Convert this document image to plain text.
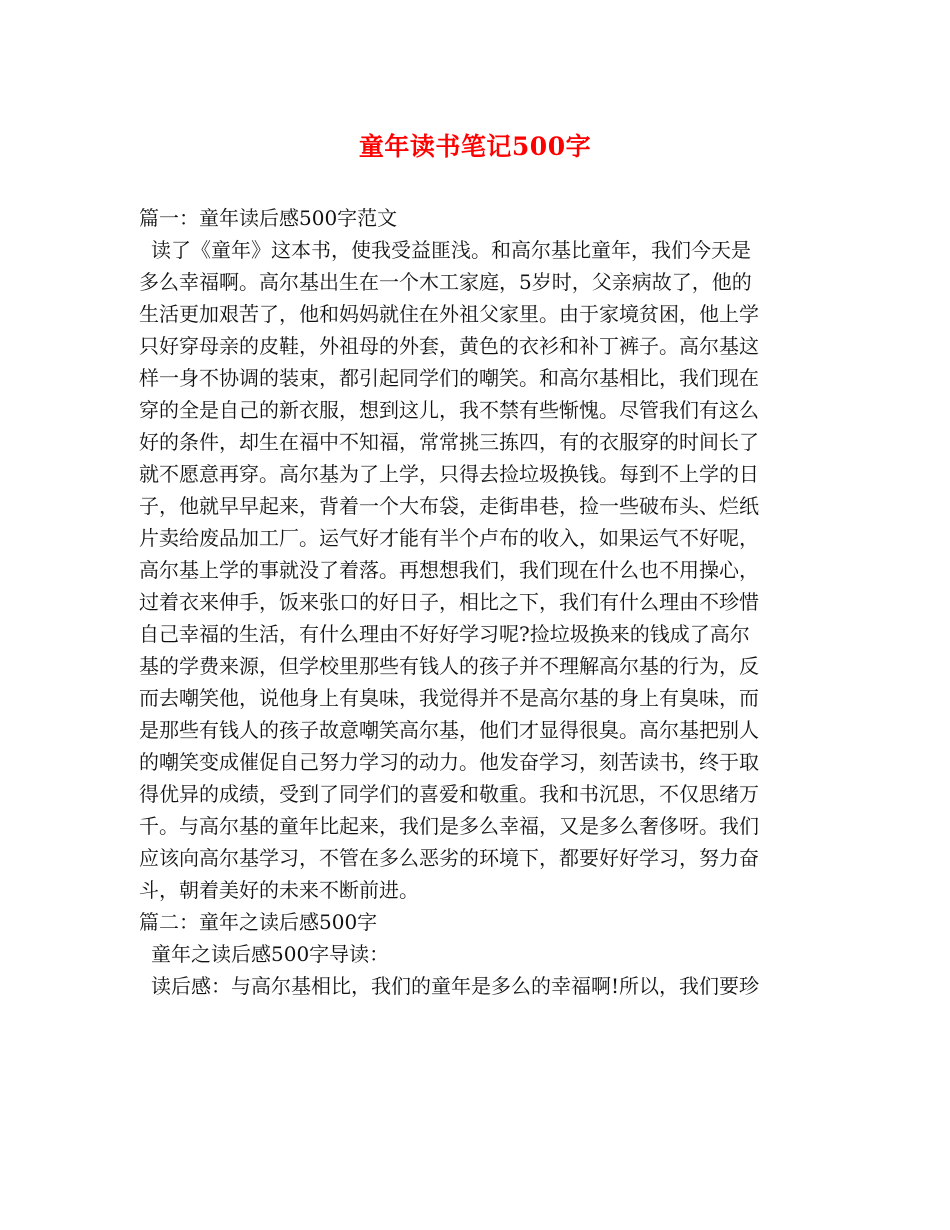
童年读书笔记500字
篇一：童年读后感500字范文
读了《童年》这本书，使我受益匪浅。和高尔基比童年，我们今天是
多么幸福啊。高尔基出生在一个木工家庭，5岁时，父亲病故了，他的
生活更加艰苦了，他和妈妈就住在外祖父家里。由于家境贫困，他上学
只好穿母亲的皮鞋，外祖母的外套，黄色的衣衫和补丁裤子。高尔基这
样一身不协调的装束，都引起同学们的嘲笑。和高尔基相比，我们现在
穿的全是自己的新衣服，想到这儿，我不禁有些惭愧。尽管我们有这么
好的条件，却生在福中不知福，常常挑三拣四，有的衣服穿的时间长了
就不愿意再穿。高尔基为了上学，只得去捡垃圾换钱。每到不上学的日
子，他就早早起来，背着一个大布袋，走街串巷，捡一些破布头、烂纸
片卖给废品加工厂。运气好才能有半个卢布的收入，如果运气不好呢，
高尔基上学的事就没了着落。再想想我们，我们现在什么也不用操心，
过着衣来伸手，饭来张口的好日子，相比之下，我们有什么理由不珍惜
自己幸福的生活，有什么理由不好好学习呢?捡垃圾换来的钱成了高尔
基的学费来源，但学校里那些有钱人的孩子并不理解高尔基的行为，反
而去嘲笑他，说他身上有臭味，我觉得并不是高尔基的身上有臭味，而
是那些有钱人的孩子故意嘲笑高尔基，他们才显得很臭。高尔基把别人
的嘲笑变成催促自己努力学习的动力。他发奋学习，刻苦读书，终于取
得优异的成绩，受到了同学们的喜爱和敬重。我和书沉思，不仅思绪万
千。与高尔基的童年比起来，我们是多么幸福，又是多么奢侈呀。我们
应该向高尔基学习，不管在多么恶劣的环境下，都要好好学习，努力奋
斗，朝着美好的未来不断前进。
篇二：童年之读后感500字
童年之读后感500字导读：
读后感：与高尔基相比，我们的童年是多么的幸福啊!所以，我们要珍
